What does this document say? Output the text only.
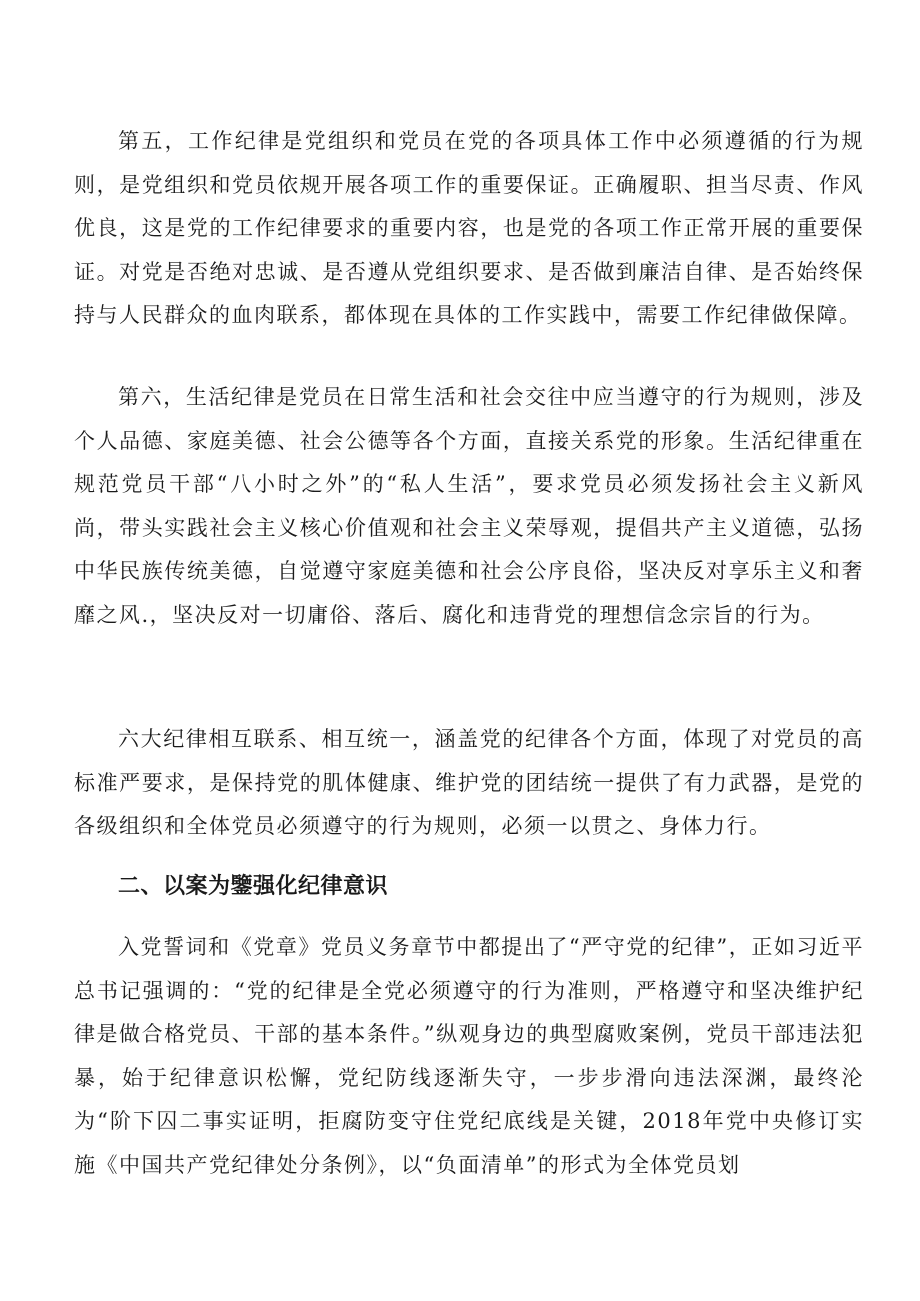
第五，工作纪律是党组织和党员在党的各项具体工作中必须遵循的行为规则，是党组织和党员依规开展各项工作的重要保证。正确履职、担当尽责、作风优良，这是党的工作纪律要求的重要内容，也是党的各项工作正常开展的重要保证。对党是否绝对忠诚、是否遵从党组织要求、是否做到廉洁自律、是否始终保持与人民群众的血肉联系，都体现在具体的工作实践中，需要工作纪律做保障。

第六，生活纪律是党员在日常生活和社会交往中应当遵守的行为规则，涉及个人品德、家庭美德、社会公德等各个方面，直接关系党的形象。生活纪律重在规范党员干部“八小时之外”的“私人生活”，要求党员必须发扬社会主义新风尚，带头实践社会主义核心价值观和社会主义荣辱观，提倡共产主义道德，弘扬中华民族传统美德，自觉遵守家庭美德和社会公序良俗，坚决反对享乐主义和奢靡之风.，坚决反对一切庸俗、落后、腐化和违背党的理想信念宗旨的行为。

六大纪律相互联系、相互统一，涵盖党的纪律各个方面，体现了对党员的高标准严要求，是保持党的肌体健康、维护党的团结统一提供了有力武器，是党的各级组织和全体党员必须遵守的行为规则，必须一以贯之、身体力行。

二、以案为鑒强化纪律意识

入党誓词和《党章》党员义务章节中都提出了“严守党的纪律”，正如习近平总书记强调的：“党的纪律是全党必须遵守的行为准则，严格遵守和坚决维护纪律是做合格党员、干部的基本条件。”纵观身边的典型腐败案例，党员干部违法犯暴，始于纪律意识松懈，党纪防线逐渐失守，一步步滑向违法深渊，最终沦为“阶下囚二事实证明，拒腐防变守住党纪底线是关键，2018年党中央修订实施《中国共产党纪律处分条例》，以“负面清单”的形式为全体党员划
